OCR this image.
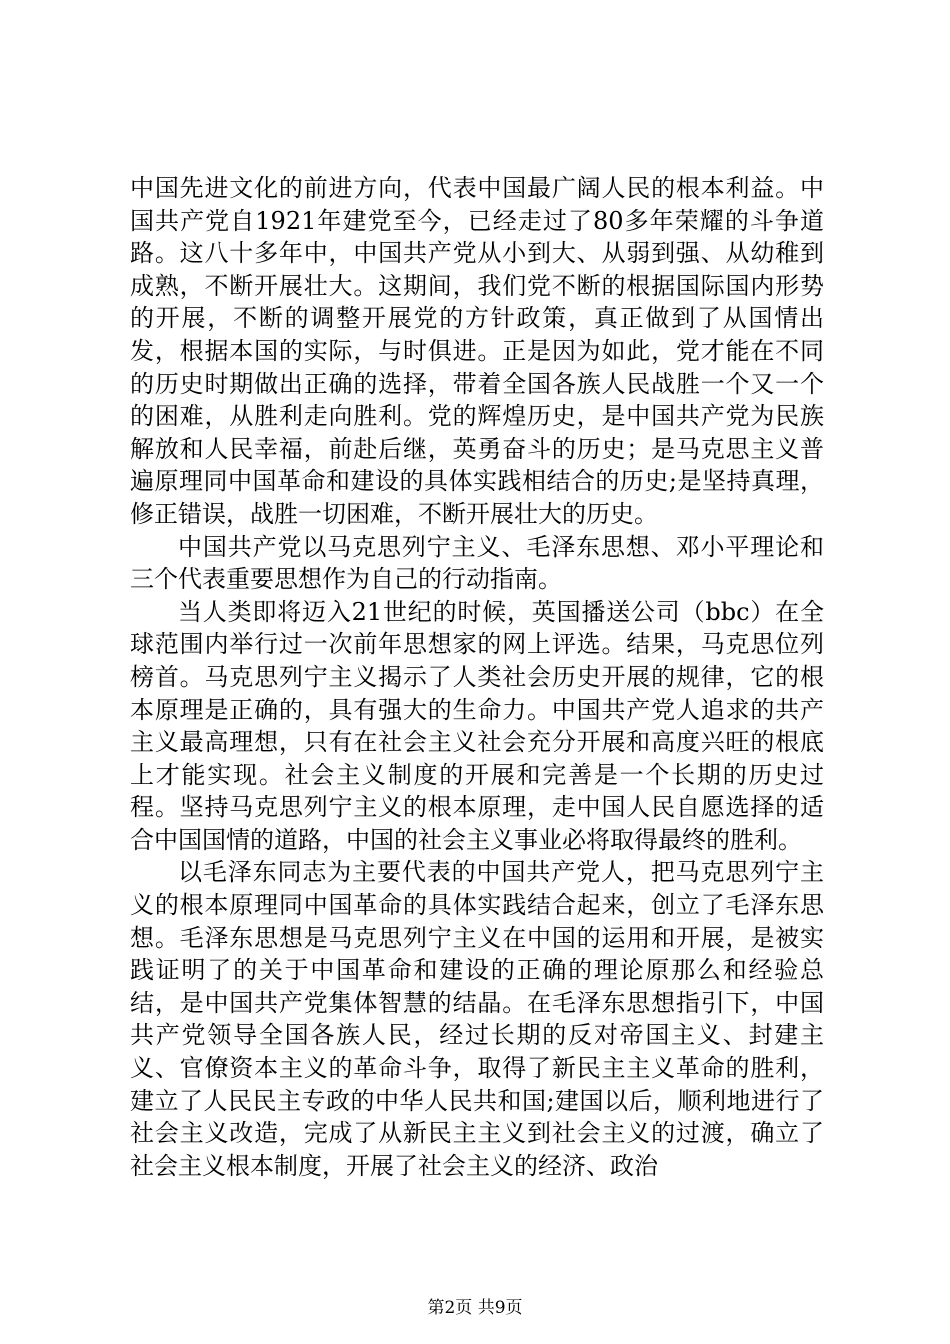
中国先进文化的前进方向，代表中国最广阔人民的根本利益。中国共产党自1921年建党至今，已经走过了80多年荣耀的斗争道路。这八十多年中，中国共产党从小到大、从弱到强、从幼稚到成熟，不断开展壮大。这期间，我们党不断的根据国际国内形势的开展，不断的调整开展党的方针政策，真正做到了从国情出发，根据本国的实际，与时俱进。正是因为如此，党才能在不同的历史时期做出正确的选择，带着全国各族人民战胜一个又一个的困难，从胜利走向胜利。党的辉煌历史，是中国共产党为民族解放和人民幸福，前赴后继，英勇奋斗的历史；是马克思主义普遍原理同中国革命和建设的具体实践相结合的历史;是坚持真理，修正错误，战胜一切困难，不断开展壮大的历史。

中国共产党以马克思列宁主义、毛泽东思想、邓小平理论和三个代表重要思想作为自己的行动指南。

当人类即将迈入21世纪的时候，英国播送公司（bbc）在全球范围内举行过一次前年思想家的网上评选。结果，马克思位列榜首。马克思列宁主义揭示了人类社会历史开展的规律，它的根本原理是正确的，具有强大的生命力。中国共产党人追求的共产主义最高理想，只有在社会主义社会充分开展和高度兴旺的根底上才能实现。社会主义制度的开展和完善是一个长期的历史过程。坚持马克思列宁主义的根本原理，走中国人民自愿选择的适合中国国情的道路，中国的社会主义事业必将取得最终的胜利。

以毛泽东同志为主要代表的中国共产党人，把马克思列宁主义的根本原理同中国革命的具体实践结合起来，创立了毛泽东思想。毛泽东思想是马克思列宁主义在中国的运用和开展，是被实践证明了的关于中国革命和建设的正确的理论原那么和经验总结，是中国共产党集体智慧的结晶。在毛泽东思想指引下，中国共产党领导全国各族人民，经过长期的反对帝国主义、封建主义、官僚资本主义的革命斗争，取得了新民主主义革命的胜利，建立了人民民主专政的中华人民共和国;建国以后，顺利地进行了社会主义改造，完成了从新民主主义到社会主义的过渡，确立了社会主义根本制度，开展了社会主义的经济、政治

第2页 共9页
